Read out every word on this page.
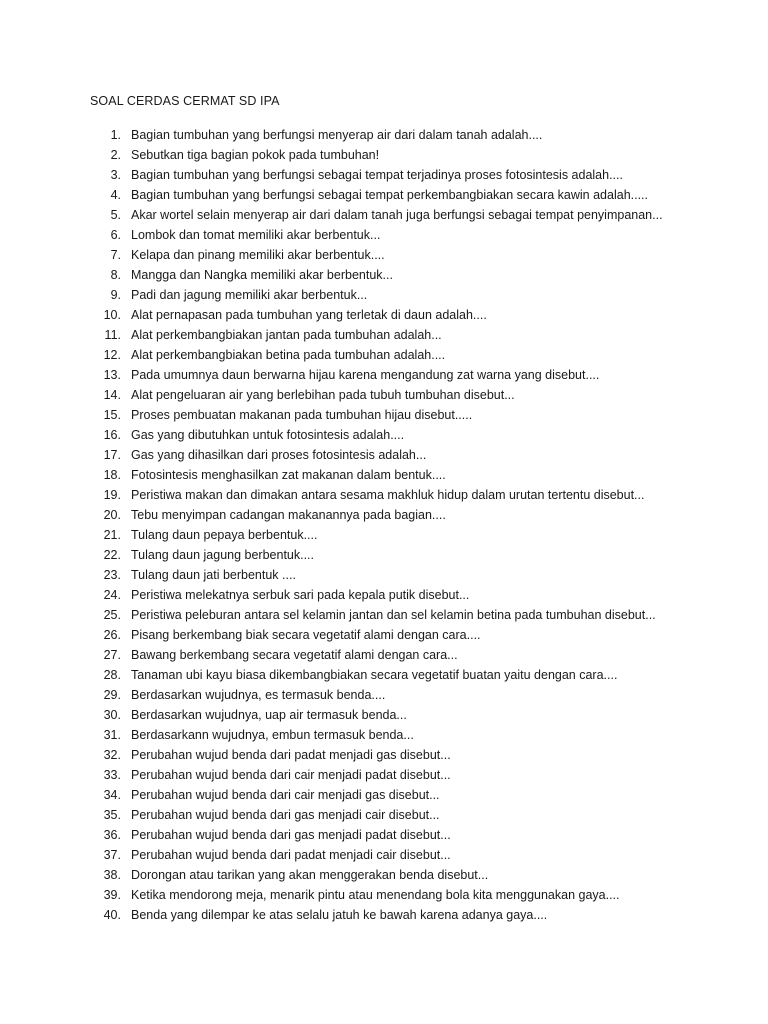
SOAL CERDAS CERMAT SD IPA
1. Bagian tumbuhan yang berfungsi menyerap air dari dalam tanah adalah....
2. Sebutkan tiga bagian pokok pada tumbuhan!
3. Bagian tumbuhan yang berfungsi sebagai tempat terjadinya proses fotosintesis adalah....
4. Bagian tumbuhan yang berfungsi sebagai tempat perkembangbiakan secara kawin adalah.....
5. Akar wortel selain menyerap air dari dalam tanah juga berfungsi sebagai tempat penyimpanan...
6. Lombok dan tomat memiliki akar berbentuk...
7. Kelapa dan pinang memiliki akar berbentuk....
8. Mangga dan Nangka memiliki akar berbentuk...
9. Padi dan jagung memiliki akar berbentuk...
10. Alat pernapasan pada tumbuhan yang terletak di daun adalah....
11. Alat perkembangbiakan jantan pada tumbuhan adalah...
12. Alat perkembangbiakan betina pada tumbuhan adalah....
13. Pada umumnya daun berwarna hijau karena mengandung zat warna yang disebut....
14. Alat pengeluaran air yang berlebihan pada tubuh tumbuhan disebut...
15. Proses pembuatan makanan pada tumbuhan hijau disebut.....
16. Gas yang dibutuhkan untuk fotosintesis adalah....
17. Gas yang dihasilkan dari proses fotosintesis adalah...
18. Fotosintesis menghasilkan zat makanan dalam bentuk....
19. Peristiwa makan dan dimakan antara sesama makhluk hidup dalam urutan tertentu disebut...
20. Tebu menyimpan cadangan makanannya pada bagian....
21. Tulang daun pepaya berbentuk....
22. Tulang daun jagung berbentuk....
23. Tulang daun jati berbentuk ....
24. Peristiwa melekatnya serbuk sari pada kepala putik disebut...
25. Peristiwa peleburan antara sel kelamin jantan dan sel kelamin betina pada tumbuhan disebut...
26. Pisang berkembang biak secara vegetatif alami dengan cara....
27. Bawang berkembang secara vegetatif alami dengan cara...
28. Tanaman ubi kayu biasa dikembangbiakan secara vegetatif buatan yaitu dengan cara....
29. Berdasarkan wujudnya, es termasuk benda....
30. Berdasarkan wujudnya, uap air termasuk benda...
31. Berdasarkann wujudnya, embun termasuk benda...
32. Perubahan wujud benda dari padat menjadi gas disebut...
33. Perubahan wujud benda dari cair menjadi padat disebut...
34. Perubahan wujud benda dari cair menjadi gas disebut...
35. Perubahan wujud benda dari gas menjadi cair disebut...
36. Perubahan wujud benda dari gas menjadi padat disebut...
37. Perubahan wujud benda dari padat menjadi cair disebut...
38. Dorongan atau tarikan yang akan menggerakan benda disebut...
39. Ketika mendorong meja, menarik pintu atau menendang bola kita menggunakan gaya....
40. Benda yang dilempar ke atas selalu jatuh ke bawah karena adanya gaya....
